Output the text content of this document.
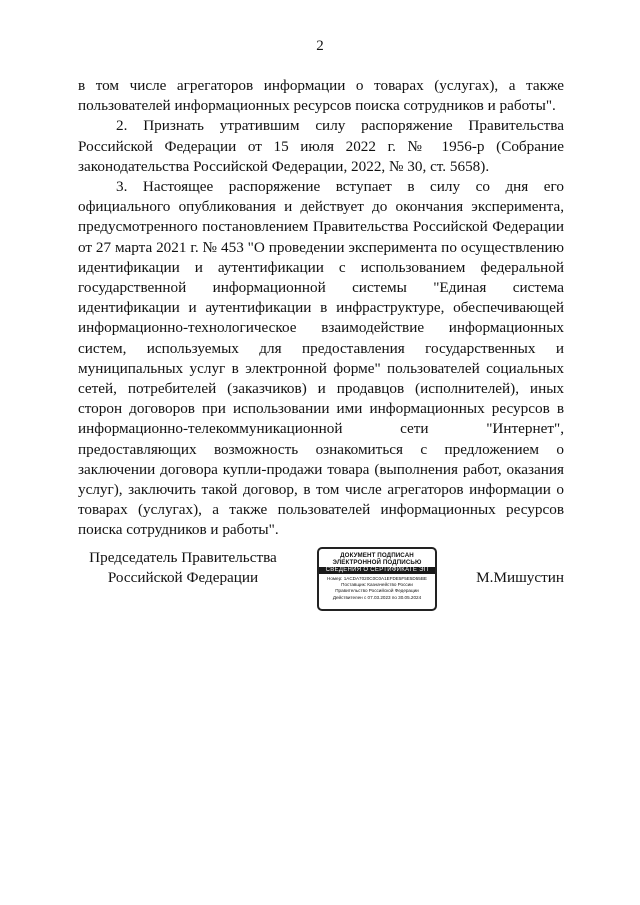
2

в том числе агрегаторов информации о товарах (услугах), а также пользователей информационных ресурсов поиска сотрудников и работы".

2. Признать утратившим силу распоряжение Правительства Российской Федерации от 15 июля 2022 г. № 1956-р (Собрание законодательства Российской Федерации, 2022, № 30, ст. 5658).

3. Настоящее распоряжение вступает в силу со дня его официального опубликования и действует до окончания эксперимента, предусмотренного постановлением Правительства Российской Федерации от 27 марта 2021 г. № 453 "О проведении эксперимента по осуществлению идентификации и аутентификации с использованием федеральной государственной информационной системы "Единая система идентификации и аутентификации в инфраструктуре, обеспечивающей информационно-технологическое взаимодействие информационных систем, используемых для предоставления государственных и муниципальных услуг в электронной форме" пользователей социальных сетей, потребителей (заказчиков) и продавцов (исполнителей), иных сторон договоров при использовании ими информационных ресурсов в информационно-телекоммуникационной сети "Интернет", предоставляющих возможность ознакомиться с предложением о заключении договора купли-продажи товара (выполнения работ, оказания услуг), заключить такой договор, в том числе агрегаторов информации о товарах (услугах), а также пользователей информационных ресурсов поиска сотрудников и работы".

Председатель Правительства
Российской Федерации
ДОКУМЕНТ ПОДПИСАН
ЭЛЕКТРОННОЙ ПОДПИСЬЮ
СВЕДЕНИЯ О СЕРТИФИКАТЕ ЭП
Номер: 1ACDA7020C0C0A1EFDE5F5E5D55BE
Поставщик: Казначейство России
Правительство Российской Федерации
Действителен с 07.03.2023 по 30.05.2024
М.Мишустин
